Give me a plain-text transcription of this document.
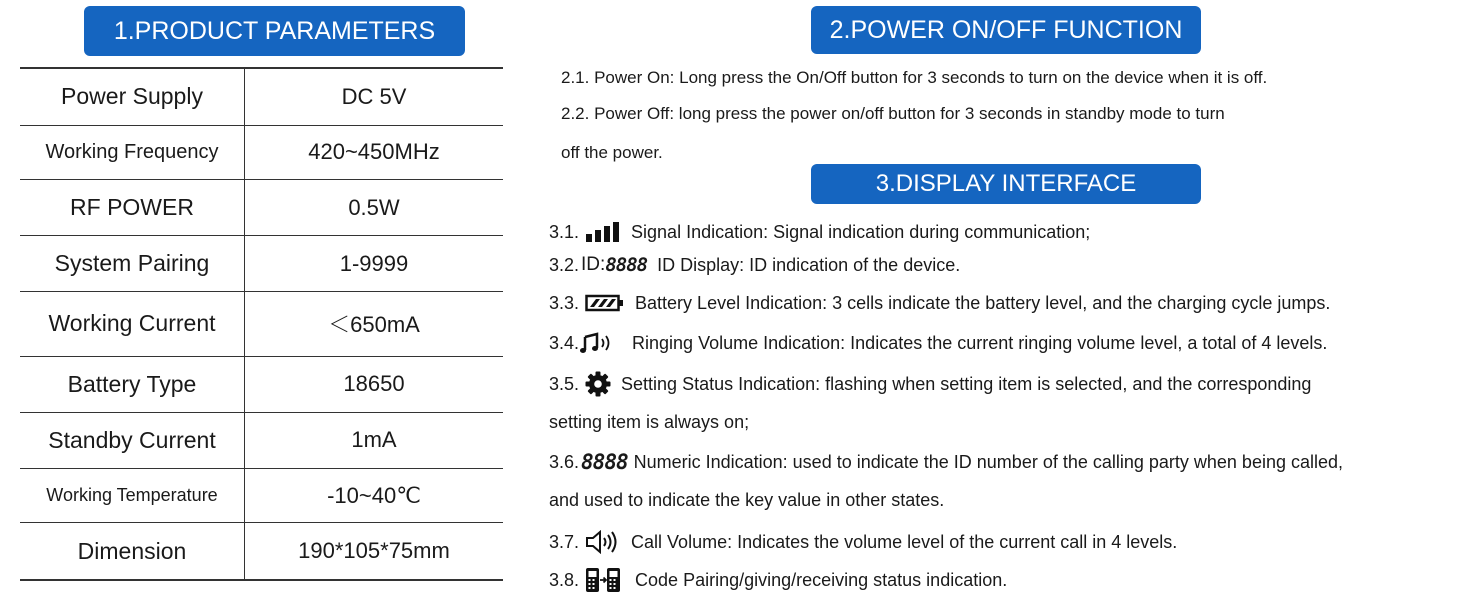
1.PRODUCT PARAMETERS
Power Supply	DC 5V
Working Frequency	420~450MHz
RF POWER	0.5W
System Pairing	1-9999
Working Current	＜650mA
Battery Type	18650
Standby Current	1mA
Working Temperature	-10~40℃
Dimension	190*105*75mm
2.POWER ON/OFF FUNCTION
2.1. Power On: Long press the On/Off button for 3 seconds to turn on the device when it is off.
2.2. Power Off: long press the power on/off button for 3 seconds in standby mode to turn
off the power.
3.DISPLAY INTERFACE
3.1.	Signal Indication: Signal indication during communication;
3.2. ID: 8888 ID Display: ID indication of the device.
3.3.	Battery Level Indication: 3 cells indicate the battery level, and the charging cycle jumps.
3.4.	Ringing Volume Indication: Indicates the current ringing volume level, a total of 4 levels.
3.5. Setting Status Indication: flashing when setting item is selected, and the corresponding
setting item is always on;
3.6. 8888 Numeric Indication: used to indicate the ID number of the calling party when being called,
and used to indicate the key value in other states.
3.7.	Call Volume: Indicates the volume level of the current call in 4 levels.
3.8.	Code Pairing/giving/receiving status indication.
